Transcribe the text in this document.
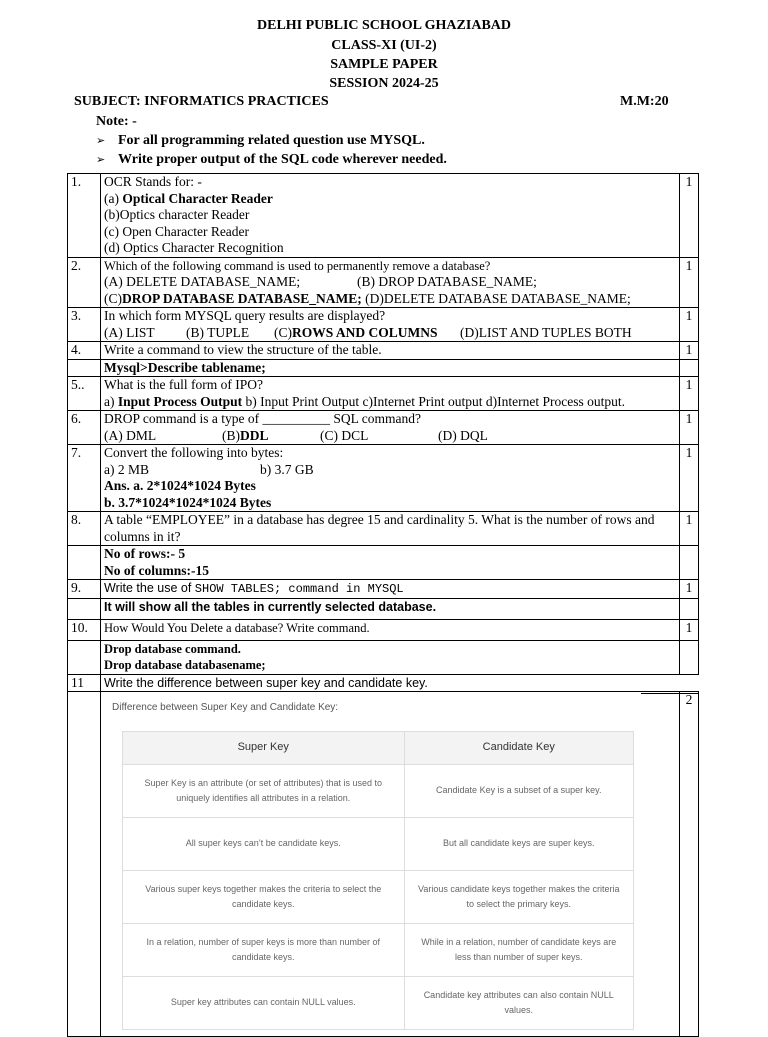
DELHI PUBLIC SCHOOL GHAZIABAD
CLASS-XI (UI-2)
SAMPLE PAPER
SESSION 2024-25
SUBJECT: INFORMATICS PRACTICES	M.M:20
Note: -
➢ For all programming related question use MYSQL.
➢ Write proper output of the SQL code wherever needed.
1.	OCR Stands for: -
(a) Optical Character Reader
(b)Optics character Reader
(c) Open Character Reader
(d) Optics Character Recognition
	1
2.	Which of the following command is used to permanently remove a database?
(A) DELETE DATABASE_NAME;	(B) DROP DATABASE_NAME;
(C)DROP DATABASE DATABASE_NAME; (D)DELETE DATABASE DATABASE_NAME;
	1
3.	In which form MYSQL query results are displayed?
(A) LIST	(B) TUPLE	(C)ROWS AND COLUMNS	(D)LIST AND TUPLES BOTH
	1
4.	Write a command to view the structure of the table.	1
	Mysql>Describe tablename;	
5..	What is the full form of IPO?
a) Input Process Output b) Input Print Output c)Internet Print output d)Internet Process output.
	1
6.	DROP command is a type of __________ SQL command?
(A) DML	(B)DDL	(C) DCL	(D) DQL
	1
7.	Convert the following into bytes:
a) 2 MB	b) 3.7 GB
Ans. a. 2*1024*1024 Bytes
b. 3.7*1024*1024*1024 Bytes
	1
8.	A table “EMPLOYEE” in a database has degree 15 and cardinality 5. What is the number of rows and columns in it?	1

No of rows:- 5
No of columns:-15

9.	Write the use of SHOW TABLES; command in MYSQL	1
	It will show all the tables in currently selected database.	
10.	How Would You Delete a database? Write command.	1

Drop database command.
Drop database databasename;

11	Write the difference between super key and candidate key.	

Difference between Super Key and Candidate Key:
Super Key	Candidate Key
Super Key is an attribute (or set of attributes) that is used to uniquely identifies all attributes in a relation.	Candidate Key is a subset of a super key.
All super keys can’t be candidate keys.	But all candidate keys are super keys.
Various super keys together makes the criteria to select the candidate keys.	Various candidate keys together makes the criteria to select the primary keys.
In a relation, number of super keys is more than number of candidate keys.	While in a relation, number of candidate keys are less than number of super keys.
Super key attributes can contain NULL values.	Candidate key attributes can also contain NULL values.
	2
